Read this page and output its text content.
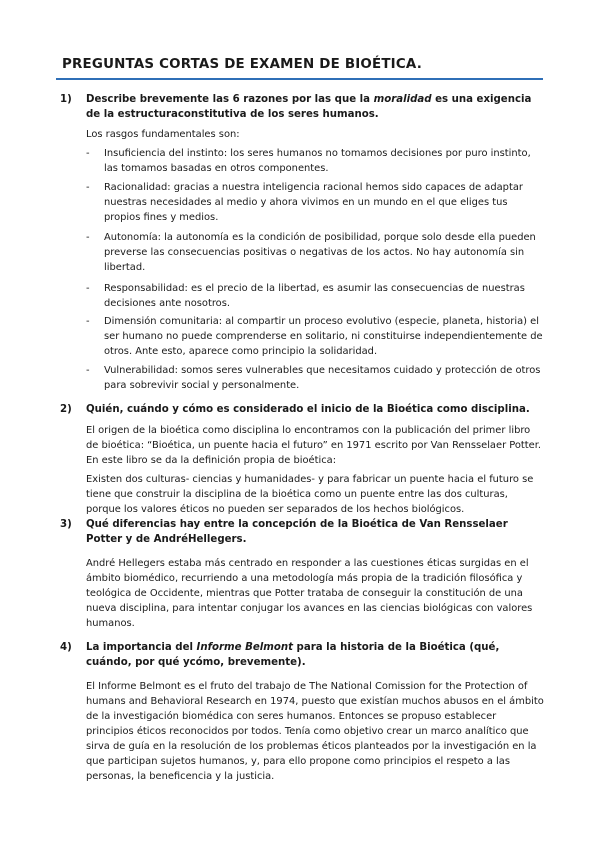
PREGUNTAS CORTAS DE EXAMEN DE BIOÉTICA.
1) Describe brevemente las 6 razones por las que la moralidad es una exigencia de la estructuraconstitutiva de los seres humanos.

Los rasgos fundamentales son:

- Insuficiencia del instinto: los seres humanos no tomamos decisiones por puro instinto, las tomamos basadas en otros componentes.
- Racionalidad: gracias a nuestra inteligencia racional hemos sido capaces de adaptar nuestras necesidades al medio y ahora vivimos en un mundo en el que eliges tus propios fines y medios.
- Autonomía: la autonomía es la condición de posibilidad, porque solo desde ella pueden preverse las consecuencias positivas o negativas de los actos. No hay autonomía sin libertad.
- Responsabilidad: es el precio de la libertad, es asumir las consecuencias de nuestras decisiones ante nosotros.
- Dimensión comunitaria: al compartir un proceso evolutivo (especie, planeta, historia) el ser humano no puede comprenderse en solitario, ni constituirse independientemente de otros. Ante esto, aparece como principio la solidaridad.
- Vulnerabilidad: somos seres vulnerables que necesitamos cuidado y protección de otros para sobrevivir social y personalmente.
2) Quién, cuándo y cómo es considerado el inicio de la Bioética como disciplina.

El origen de la bioética como disciplina lo encontramos con la publicación del primer libro de bioética: “Bioética, un puente hacia el futuro” en 1971 escrito por Van Rensselaer Potter. En este libro se da la definición propia de bioética:

Existen dos culturas- ciencias y humanidades- y para fabricar un puente hacia el futuro se tiene que construir la disciplina de la bioética como un puente entre las dos culturas, porque los valores éticos no pueden ser separados de los hechos biológicos.

3) Qué diferencias hay entre la concepción de la Bioética de Van Rensselaer Potter y de AndréHellegers.

André Hellegers estaba más centrado en responder a las cuestiones éticas surgidas en el ámbito biomédico, recurriendo a una metodología más propia de la tradición filosófica y teológica de Occidente, mientras que Potter trataba de conseguir la constitución de una nueva disciplina, para intentar conjugar los avances en las ciencias biológicas con valores humanos.

4) La importancia del Informe Belmont para la historia de la Bioética (qué, cuándo, por qué ycómo, brevemente).

El Informe Belmont es el fruto del trabajo de The National Comission for the Protection of humans and Behavioral Research en 1974, puesto que existían muchos abusos en el ámbito de la investigación biomédica con seres humanos. Entonces se propuso establecer principios éticos reconocidos por todos. Tenía como objetivo crear un marco analítico que sirva de guía en la resolución de los problemas éticos planteados por la investigación en la que participan sujetos humanos, y, para ello propone como principios el respeto a las personas, la beneficencia y la justicia.
